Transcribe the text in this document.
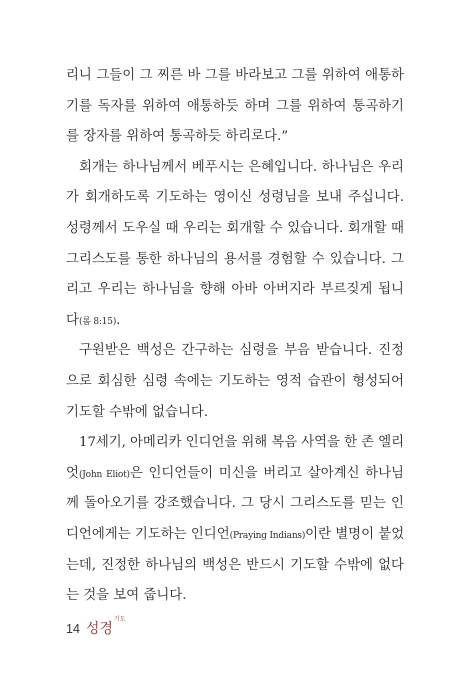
리니 그들이 그 찌른 바 그를 바라보고 그를 위하여 애통하
기를 독자를 위하여 애통하듯 하며 그를 위하여 통곡하기
를 장자를 위하여 통곡하듯 하리로다.”
회개는 하나님께서 베푸시는 은혜입니다. 하나님은 우리
가 회개하도록 기도하는 영이신 성령님을 보내 주십니다.
성령께서 도우실 때 우리는 회개할 수 있습니다. 회개할 때
그리스도를 통한 하나님의 용서를 경험할 수 있습니다. 그
리고 우리는 하나님을 향해 아바 아버지라 부르짖게 됩니
다(롬 8:15).
구원받은 백성은 간구하는 심령을 부음 받습니다. 진정
으로 회심한 심령 속에는 기도하는 영적 습관이 형성되어
기도할 수밖에 없습니다.
17세기, 아메리카 인디언을 위해 복음 사역을 한 존 엘리
엇(John Eliot)은 인디언들이 미신을 버리고 살아계신 하나님
께 돌아오기를 강조했습니다. 그 당시 그리스도를 믿는 인
디언에게는 기도하는 인디언(Praying Indians)이란 별명이 붙었
는데, 진정한 하나님의 백성은 반드시 기도할 수밖에 없다
는 것을 보여 줍니다.
14 성경$^{기도}$
